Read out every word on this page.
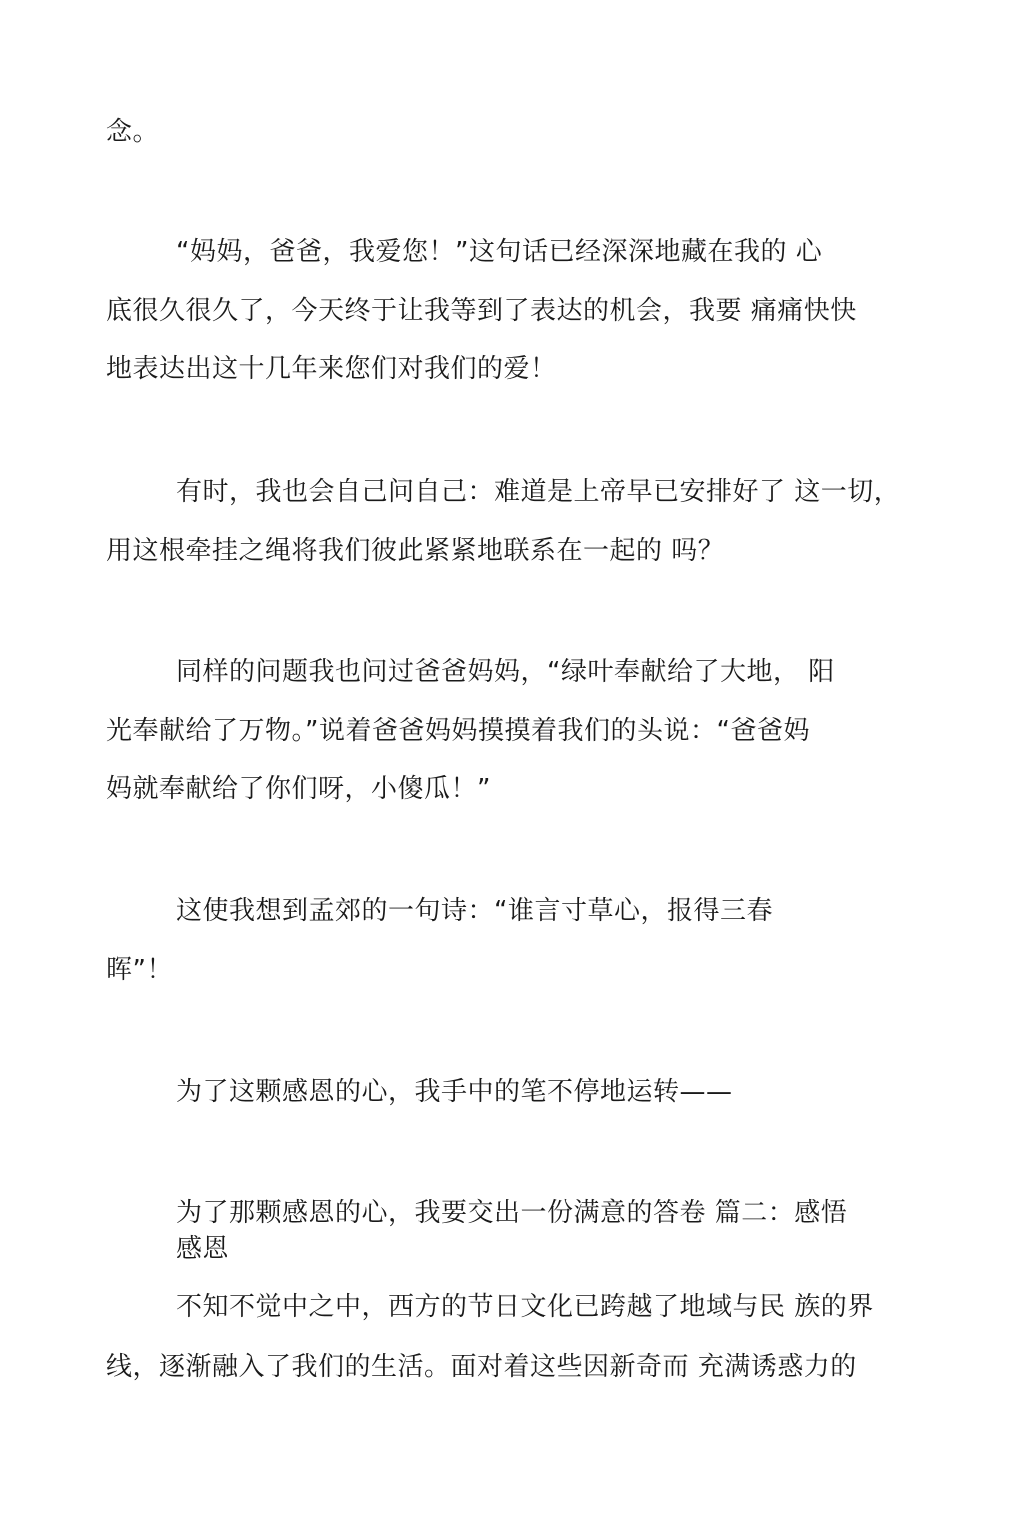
念。

“妈妈，爸爸，我爱您！”这句话已经深深地藏在我的 心

底很久很久了，今天终于让我等到了表达的机会，我要 痛痛快快

地表达出这十几年来您们对我们的爱！

有时，我也会自己问自己：难道是上帝早已安排好了 这一切，

用这根牵挂之绳将我们彼此紧紧地联系在一起的 吗？

同样的问题我也问过爸爸妈妈，“绿叶奉献给了大地， 阳

光奉献给了万物。”说着爸爸妈妈摸摸着我们的头说：“爸爸妈

妈就奉献给了你们呀，小傻瓜！”

这使我想到孟郊的一句诗：“谁言寸草心，报得三春

晖”！

为了这颗感恩的心，我手中的笔不停地运转——

为了那颗感恩的心，我要交出一份满意的答卷 篇二：感悟

感恩

不知不觉中之中，西方的节日文化已跨越了地域与民 族的界

线，逐渐融入了我们的生活。面对着这些因新奇而 充满诱惑力的
